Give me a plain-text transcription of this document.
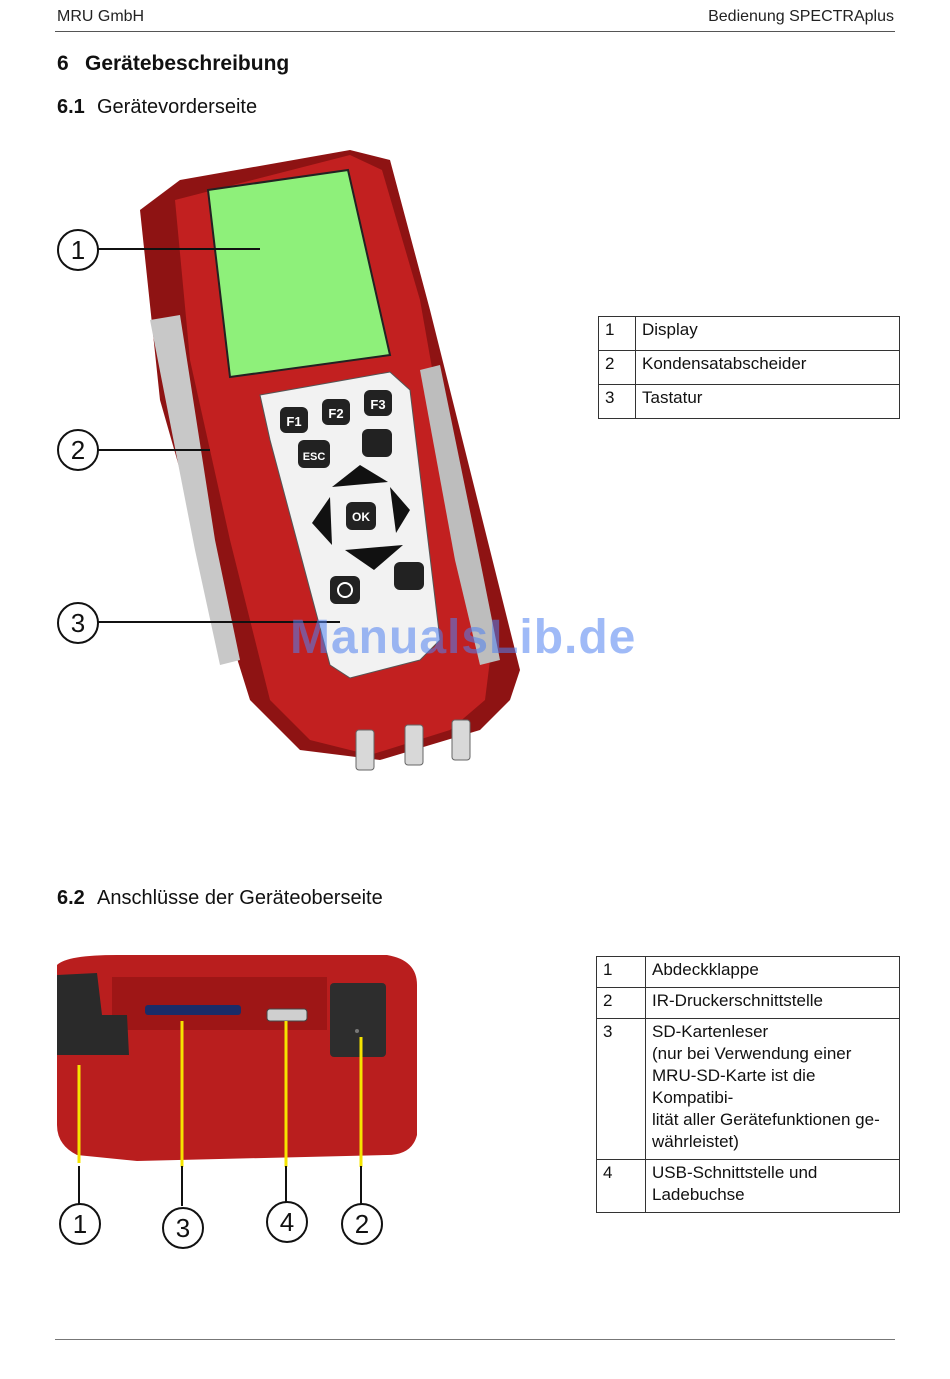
MRU GmbH	Bedienung SPECTRAplus
6 Gerätebeschreibung
6.1 Gerätevorderseite
F1
F2
F3
ESC
OK
1
2
3	ManualsLib.de
1	Display
2	Kondensatabscheider
3	Tastatur
6.2 Anschlüsse der Geräteoberseite
1	3	4	2
1	Abdeckklappe

2	IR-Druckerschnittstelle

3	SD-Kartenleser
(nur bei Verwendung einer
MRU-SD-Karte ist die Kompatibi-
lität aller Gerätefunktionen ge-
währleistet)

4	USB-Schnittstelle und
Ladebuchse
